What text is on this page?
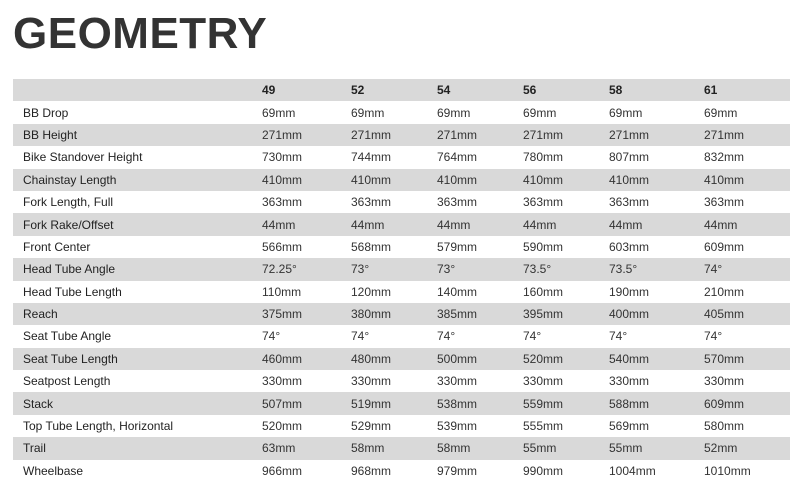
GEOMETRY
	49	52	54	56	58	61
BB Drop	69mm	69mm	69mm	69mm	69mm	69mm
BB Height	271mm	271mm	271mm	271mm	271mm	271mm
Bike Standover Height	730mm	744mm	764mm	780mm	807mm	832mm
Chainstay Length	410mm	410mm	410mm	410mm	410mm	410mm
Fork Length, Full	363mm	363mm	363mm	363mm	363mm	363mm
Fork Rake/Offset	44mm	44mm	44mm	44mm	44mm	44mm
Front Center	566mm	568mm	579mm	590mm	603mm	609mm
Head Tube Angle	72.25°	73°	73°	73.5°	73.5°	74°
Head Tube Length	110mm	120mm	140mm	160mm	190mm	210mm
Reach	375mm	380mm	385mm	395mm	400mm	405mm
Seat Tube Angle	74°	74°	74°	74°	74°	74°
Seat Tube Length	460mm	480mm	500mm	520mm	540mm	570mm
Seatpost Length	330mm	330mm	330mm	330mm	330mm	330mm
Stack	507mm	519mm	538mm	559mm	588mm	609mm
Top Tube Length, Horizontal	520mm	529mm	539mm	555mm	569mm	580mm
Trail	63mm	58mm	58mm	55mm	55mm	52mm
Wheelbase	966mm	968mm	979mm	990mm	1004mm	1010mm
